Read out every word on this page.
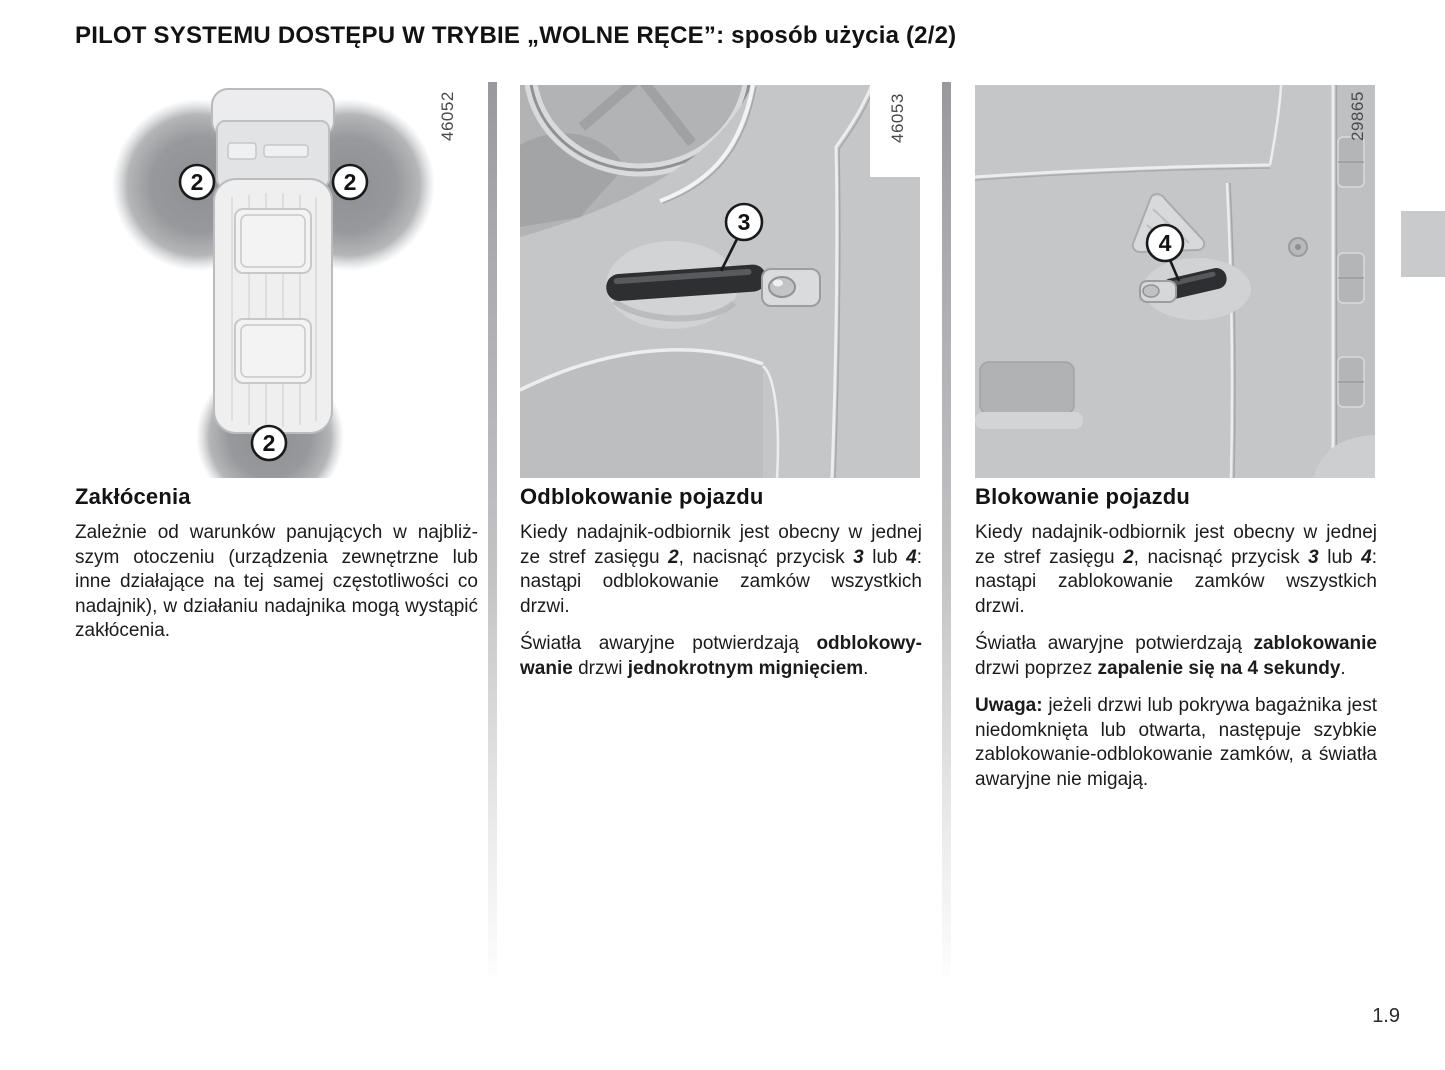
PILOT SYSTEMU DOSTĘPU W TRYBIE „WOLNE RĘCE”: sposób użycia (2/2)
2	2
2
46052	46053
3
29865
4
Zakłócenia

Zależnie od warunków panujących w najbliższym otoczeniu (urządzenia zewnętrzne lub inne działające na tej samej częstotliwości co nadajnik), w działaniu nadajnika mogą wystąpić zakłócenia.

Odblokowanie pojazdu

Kiedy nadajnik-odbiornik jest obecny w jednej ze stref zasięgu 2, nacisnąć przycisk 3 lub 4: nastąpi odblokowanie zamków wszystkich drzwi.

Światła awaryjne potwierdzają odblokowywanie drzwi jednokrotnym mignięciem.

Blokowanie pojazdu

Kiedy nadajnik-odbiornik jest obecny w jednej ze stref zasięgu 2, nacisnąć przycisk 3 lub 4: nastąpi zablokowanie zamków wszystkich drzwi.

Światła awaryjne potwierdzają zablokowanie drzwi poprzez zapalenie się na 4 sekundy.

Uwaga: jeżeli drzwi lub pokrywa bagażnika jest niedomknięta lub otwarta, następuje szybkie zablokowanie-odblokowanie zamków, a światła awaryjne nie migają.

1.9
